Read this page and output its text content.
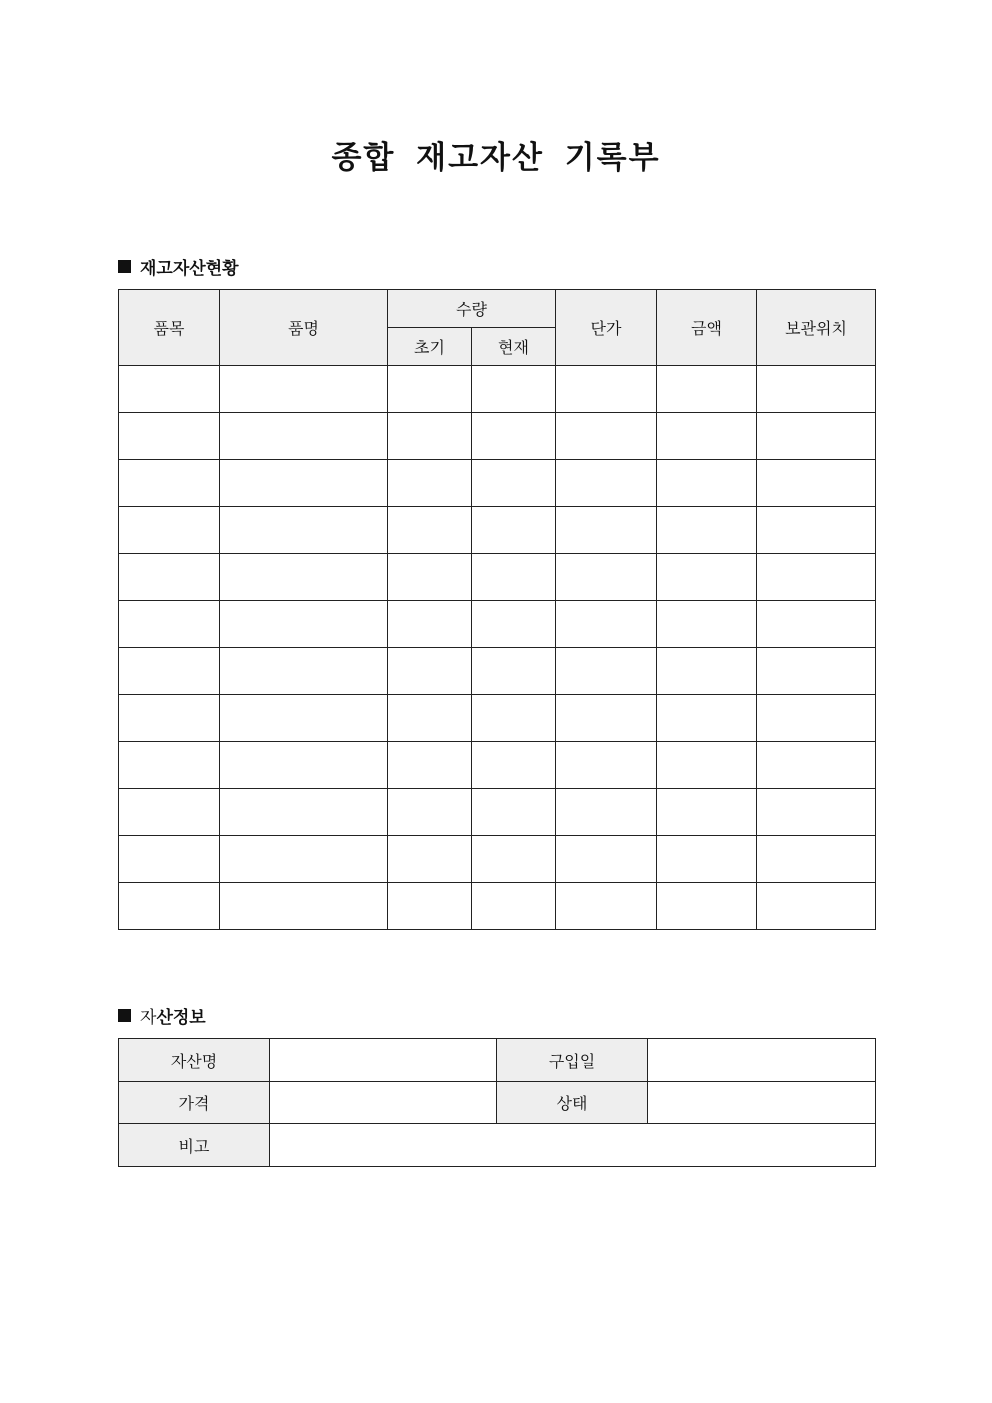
종합 재고자산 기록부
재고자산현황
품목	품명	수량		단가	금액	보관위치
		초기	현재			

자산정보
자산명		구입일	
가격		상태	
비고			
